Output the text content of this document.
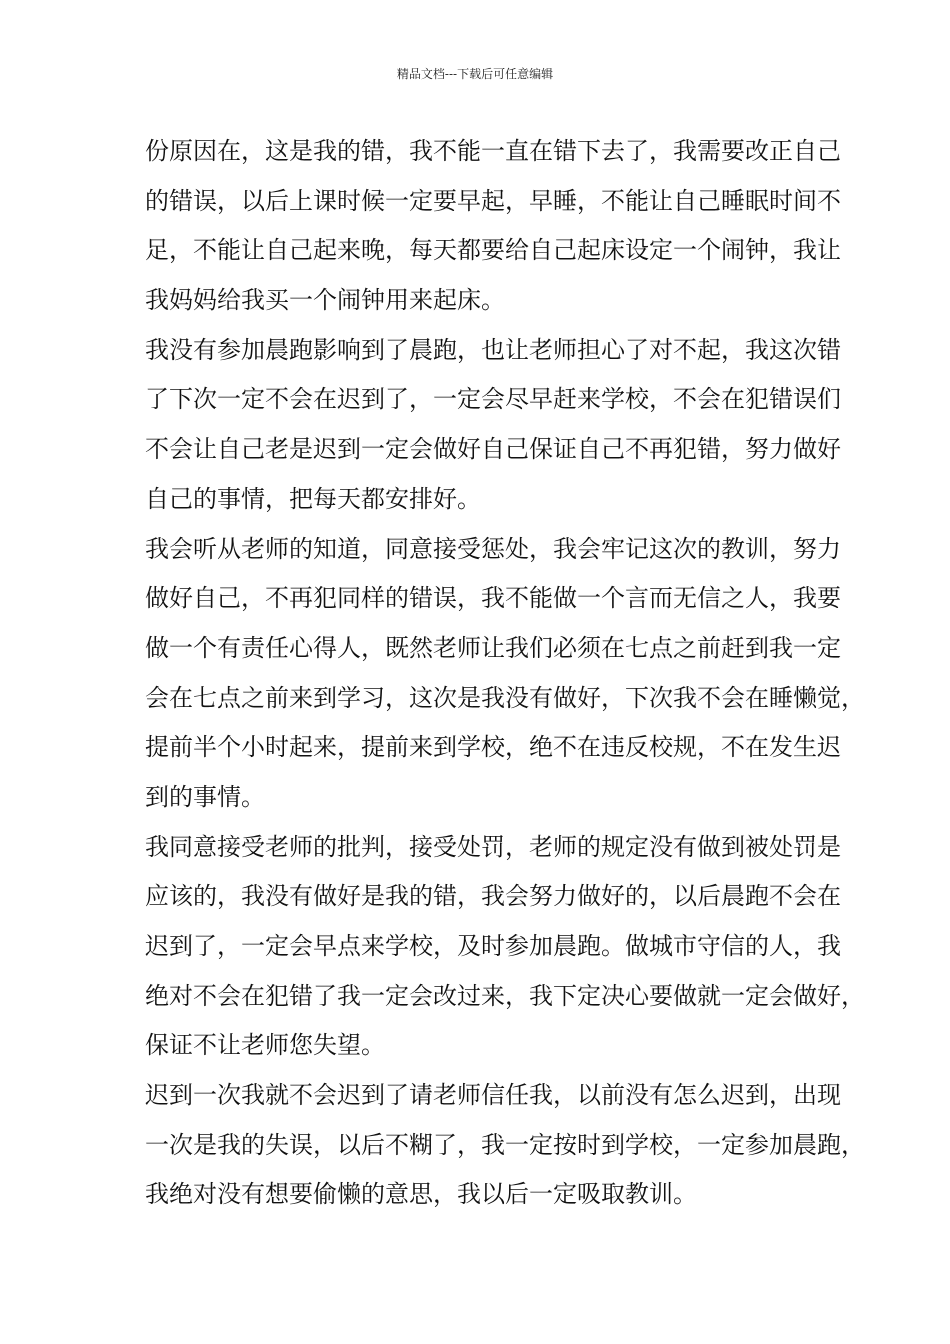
精品文档---下载后可任意编辑
份原因在，这是我的错，我不能一直在错下去了，我需要改正自己
的错误，以后上课时候一定要早起，早睡，不能让自己睡眠时间不
足，不能让自己起来晚，每天都要给自己起床设定一个闹钟，我让
我妈妈给我买一个闹钟用来起床。
我没有参加晨跑影响到了晨跑，也让老师担心了对不起，我这次错
了下次一定不会在迟到了，一定会尽早赶来学校，不会在犯错误们
不会让自己老是迟到一定会做好自己保证自己不再犯错，努力做好
自己的事情，把每天都安排好。
我会听从老师的知道，同意接受惩处，我会牢记这次的教训，努力
做好自己，不再犯同样的错误，我不能做一个言而无信之人，我要
做一个有责任心得人，既然老师让我们必须在七点之前赶到我一定
会在七点之前来到学习，这次是我没有做好，下次我不会在睡懒觉，
提前半个小时起来，提前来到学校，绝不在违反校规，不在发生迟
到的事情。
我同意接受老师的批判，接受处罚，老师的规定没有做到被处罚是
应该的，我没有做好是我的错，我会努力做好的，以后晨跑不会在
迟到了，一定会早点来学校，及时参加晨跑。做城市守信的人，我
绝对不会在犯错了我一定会改过来，我下定决心要做就一定会做好，
保证不让老师您失望。
迟到一次我就不会迟到了请老师信任我，以前没有怎么迟到，出现
一次是我的失误，以后不糊了，我一定按时到学校，一定参加晨跑，
我绝对没有想要偷懒的意思，我以后一定吸取教训。
